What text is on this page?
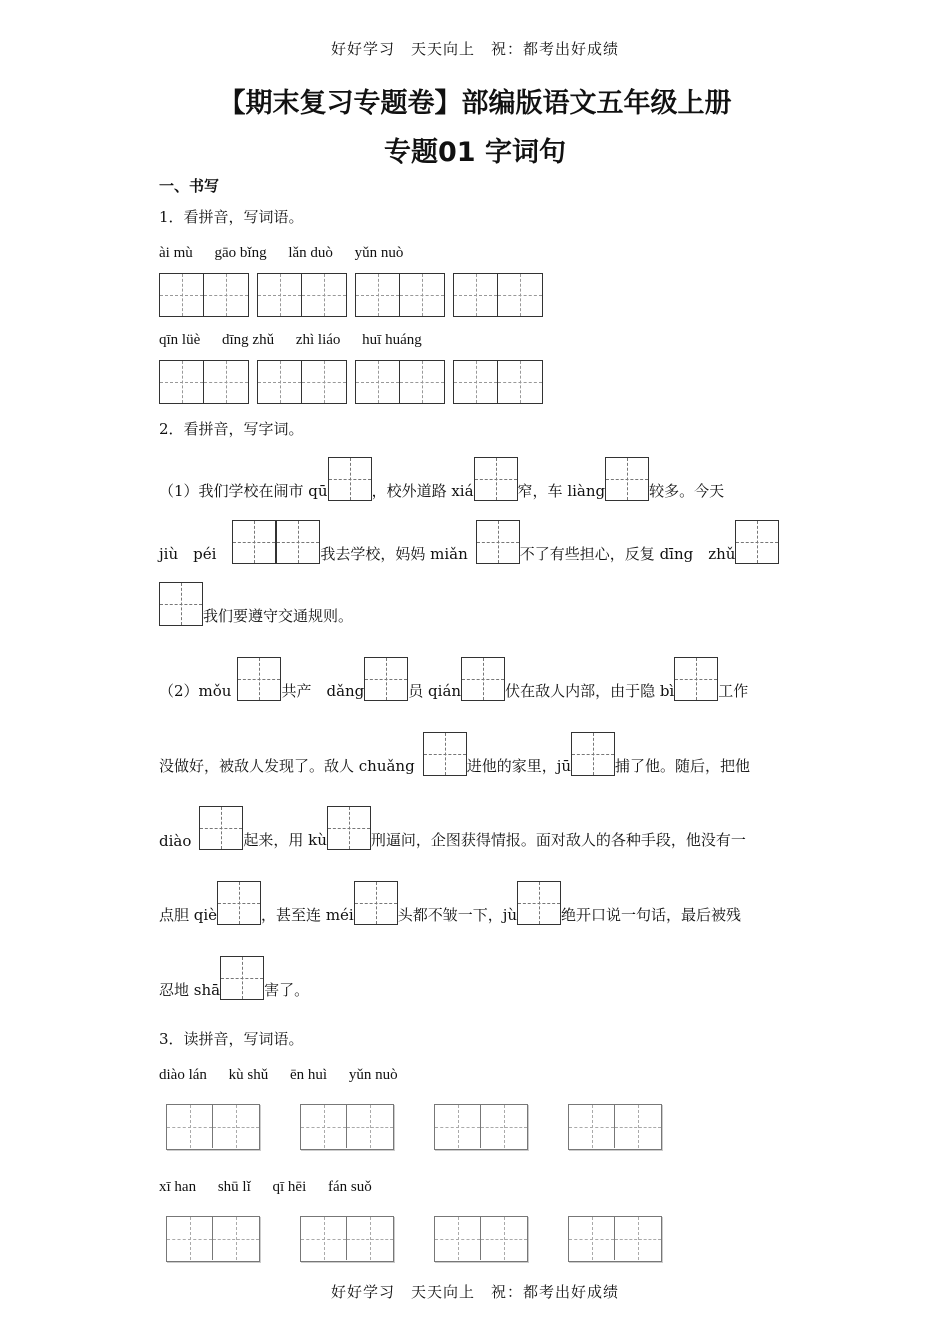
好好学习　天天向上　祝：都考出好成绩
【期末复习专题卷】部编版语文五年级上册
专题01 字词句
一、书写
1．看拼音，写词语。
ài mù gāo bǐng lǎn duò yǔn nuò
qīn lüè dīng zhǔ zhì liáo huī huáng
2．看拼音，写字词。
（1）我们学校在闹市 qū	，校外道路 xiá	窄，车 liàng	较多。今天
jiù　péi	我去学校，妈妈 miǎn	不了有些担心，反复 dīng　zhǔ
我们要遵守交通规则。
（2）mǒu	共产　dǎng	员 qián	伏在敌人内部，由于隐 bì	工作
没做好，被敌人发现了。敌人 chuǎng	进他的家里，jū	捕了他。随后，把他
diào	起来，用 kù	刑逼问，企图获得情报。面对敌人的各种手段，他没有一
点胆 qiè	，甚至连 méi	头都不皱一下，jù	绝开口说一句话，最后被残
忍地 shā	害了。
3．读拼音，写词语。
diào lán kù shǔ ēn huì yǔn nuò
xī han shū lǐ qī hēi fán suǒ
好好学习　天天向上　祝：都考出好成绩
